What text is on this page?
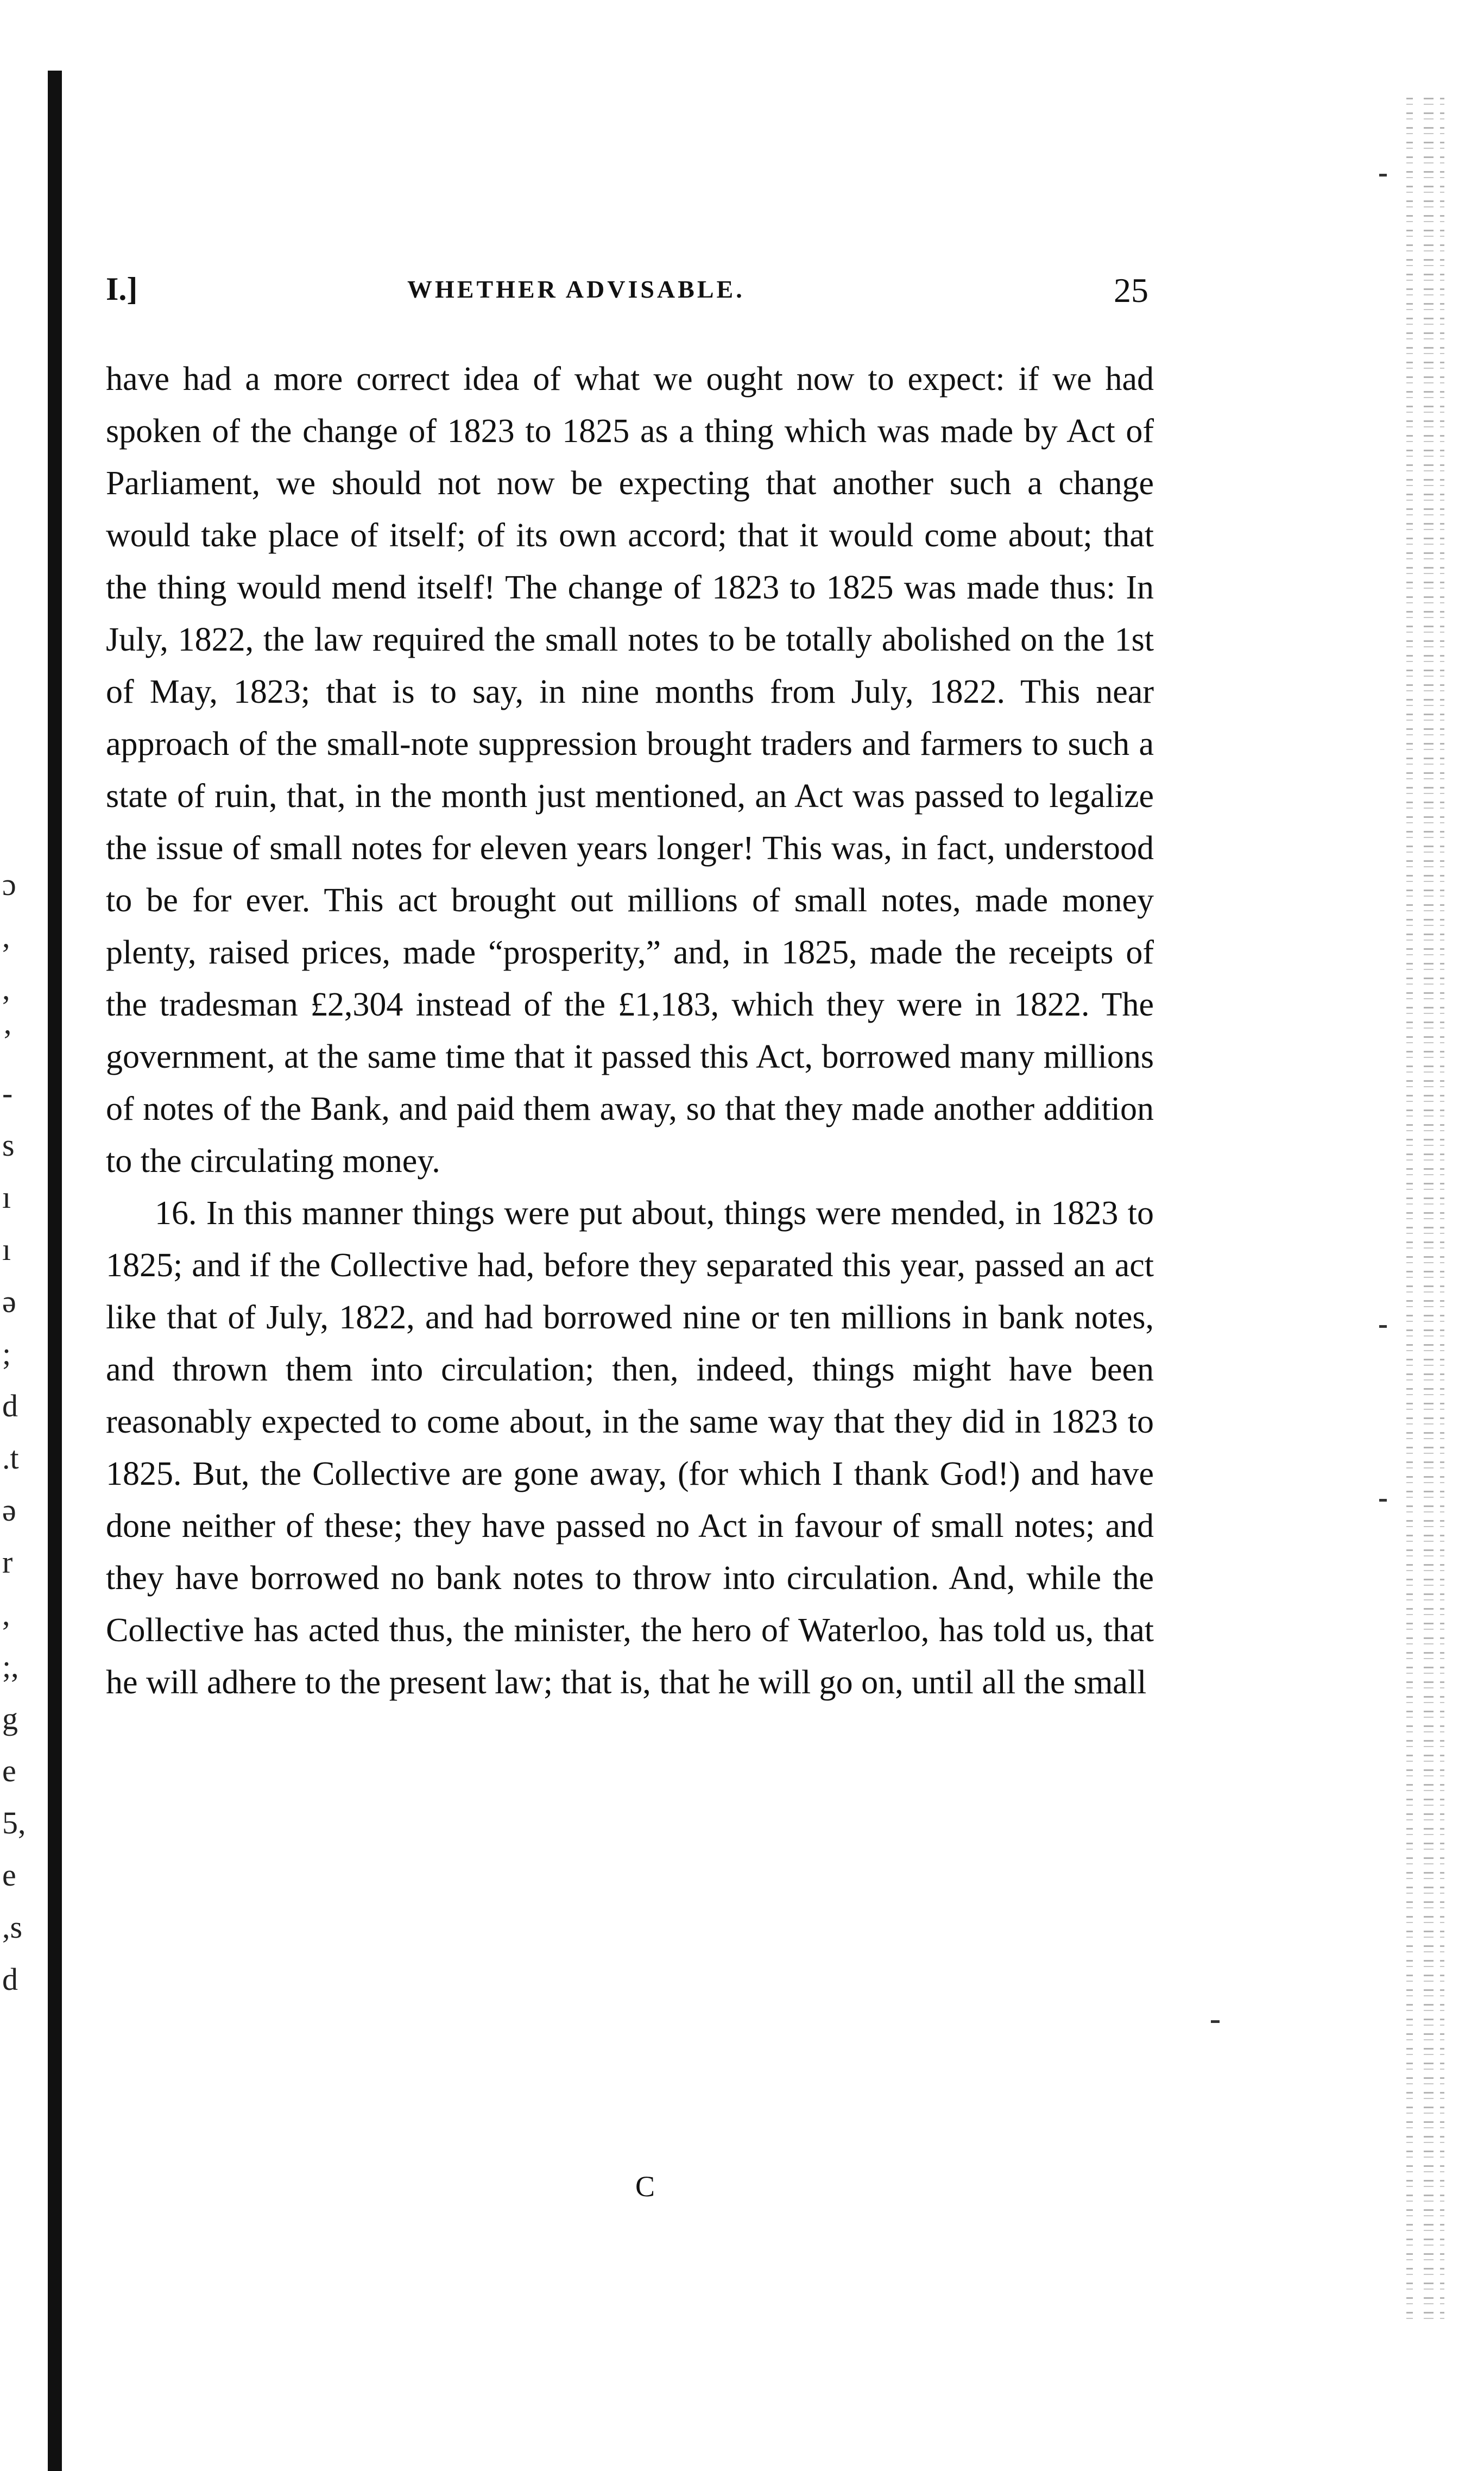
ɔ
,
,
’
-
s
ı
ı
ǝ
;
d
.t
ǝ
r
,
;,
g
e
5,
e
,s
d
I.]	WHETHER ADVISABLE.	25

have had a more correct idea of what we ought now to expect: if we had spoken of the change of 1823 to 1825 as a thing which was made by Act of Parliament, we should not now be expecting that another such a change would take place of itself; of its own accord; that it would come about; that the thing would mend itself! The change of 1823 to 1825 was made thus: In July, 1822, the law required the small notes to be totally abolished on the 1st of May, 1823; that is to say, in nine months from July, 1822. This near approach of the small-note suppression brought traders and farmers to such a state of ruin, that, in the month just mentioned, an Act was passed to legalize the issue of small notes for eleven years longer! This was, in fact, understood to be for ever. This act brought out millions of small notes, made money plenty, raised prices, made “prosperity,” and, in 1825, made the receipts of the tradesman £2,304 instead of the £1,183, which they were in 1822. The government, at the same time that it passed this Act, borrowed many millions of notes of the Bank, and paid them away, so that they made another addition to the circulating money.

16. In this manner things were put about, things were mended, in 1823 to 1825; and if the Collective had, before they separated this year, passed an act like that of July, 1822, and had borrowed nine or ten millions in bank notes, and thrown them into circulation; then, indeed, things might have been reasonably expected to come about, in the same way that they did in 1823 to 1825. But, the Collective are gone away, (for which I thank God!) and have done neither of these; they have passed no Act in favour of small notes; and they have borrowed no bank notes to throw into circulation. And, while the Collective has acted thus, the minister, the hero of Waterloo, has told us, that he will adhere to the present law; that is, that he will go on, until all the small

C
